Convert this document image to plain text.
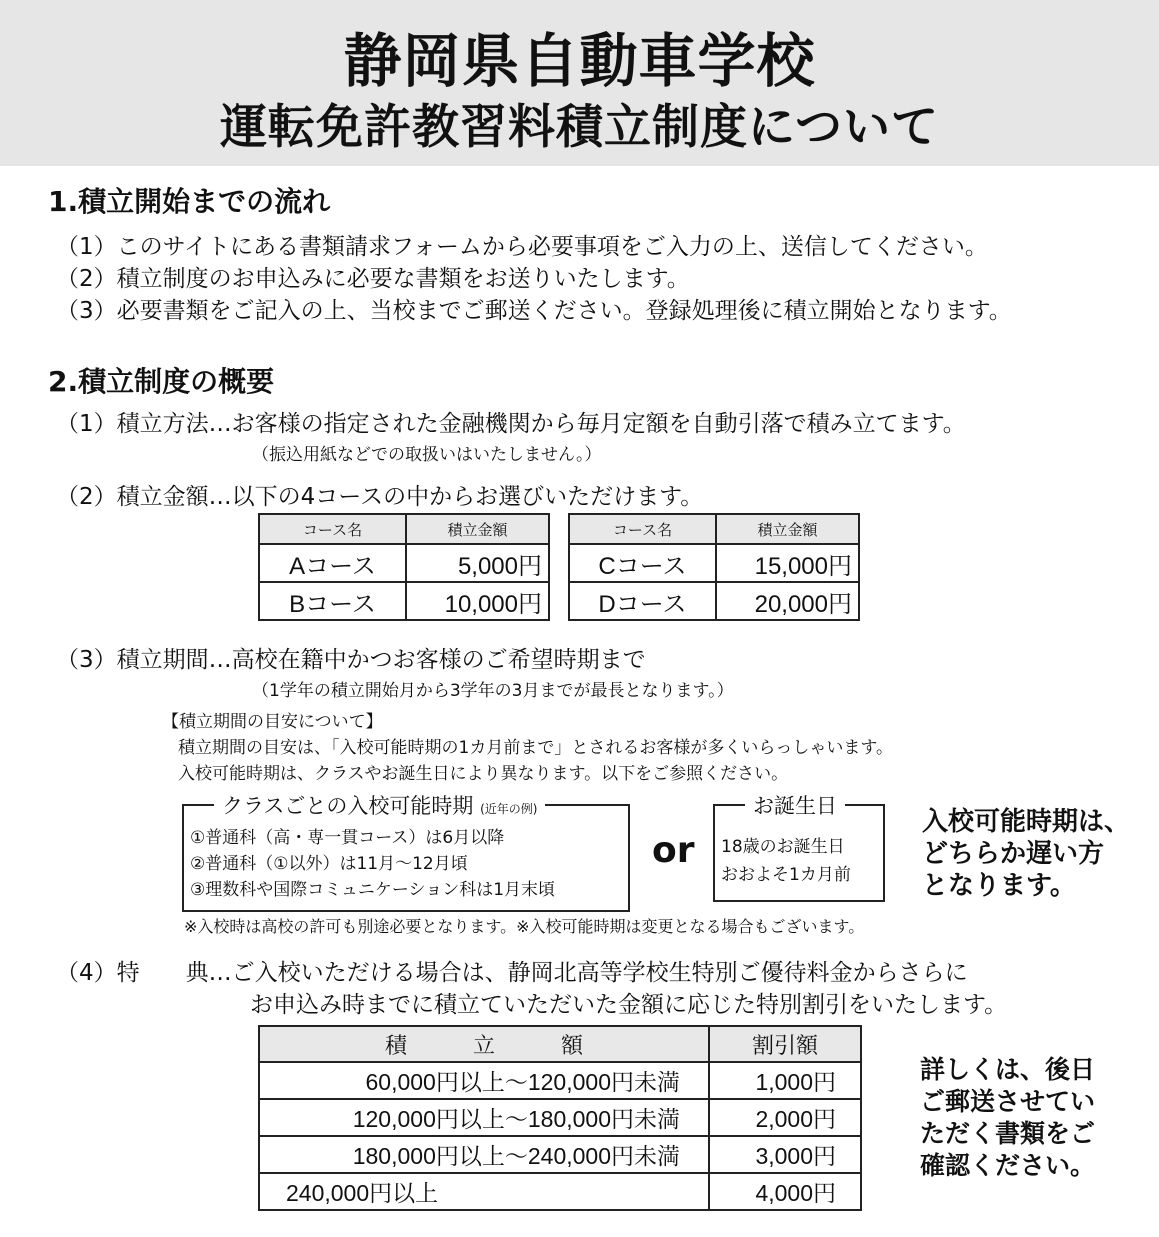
静岡県自動車学校
運転免許教習料積立制度について
1.積立開始までの流れ
（1）このサイトにある書類請求フォームから必要事項をご入力の上、送信してください。
（2）積立制度のお申込みに必要な書類をお送りいたします。
（3）必要書類をご記入の上、当校までご郵送ください。登録処理後に積立開始となります。
2.積立制度の概要
（1）積立方法…お客様の指定された金融機関から毎月定額を自動引落で積み立てます。
（振込用紙などでの取扱いはいたしません。）
（2）積立金額…以下の4コースの中からお選びいただけます。
コース名	積立金額
Aコース	5,000円
Bコース	10,000円
コース名	積立金額
Cコース	15,000円
Dコース	20,000円
（3）積立期間…高校在籍中かつお客様のご希望時期まで
（1学年の積立開始月から3学年の3月までが最長となります。）
【積立期間の目安について】
積立期間の目安は、「入校可能時期の1カ月前まで」とされるお客様が多くいらっしゃいます。
入校可能時期は、クラスやお誕生日により異なります。以下をご参照ください。
クラスごとの入校可能時期 (近年の例)
①普通科（高・専一貫コース）は6月以降
②普通科（①以外）は11月～12月頃
③理数科や国際コミュニケーション科は1月末頃
or
お誕生日
18歳のお誕生日
おおよそ1カ月前
入校可能時期は、
どちらか遅い方
となります。
※入校時は高校の許可も別途必要となります。※入校可能時期は変更となる場合もございます。
（4）特　　典…ご入校いただける場合は、静岡北高等学校生特別ご優待料金からさらに
お申込み時までに積立ていただいた金額に応じた特別割引をいたします。
積　　　立　　　額	割引額
60,000円以上～120,000円未満	1,000円
120,000円以上～180,000円未満	2,000円
180,000円以上～240,000円未満	3,000円
240,000円以上	4,000円
詳しくは、後日
ご郵送させてい
ただく書類をご
確認ください。
